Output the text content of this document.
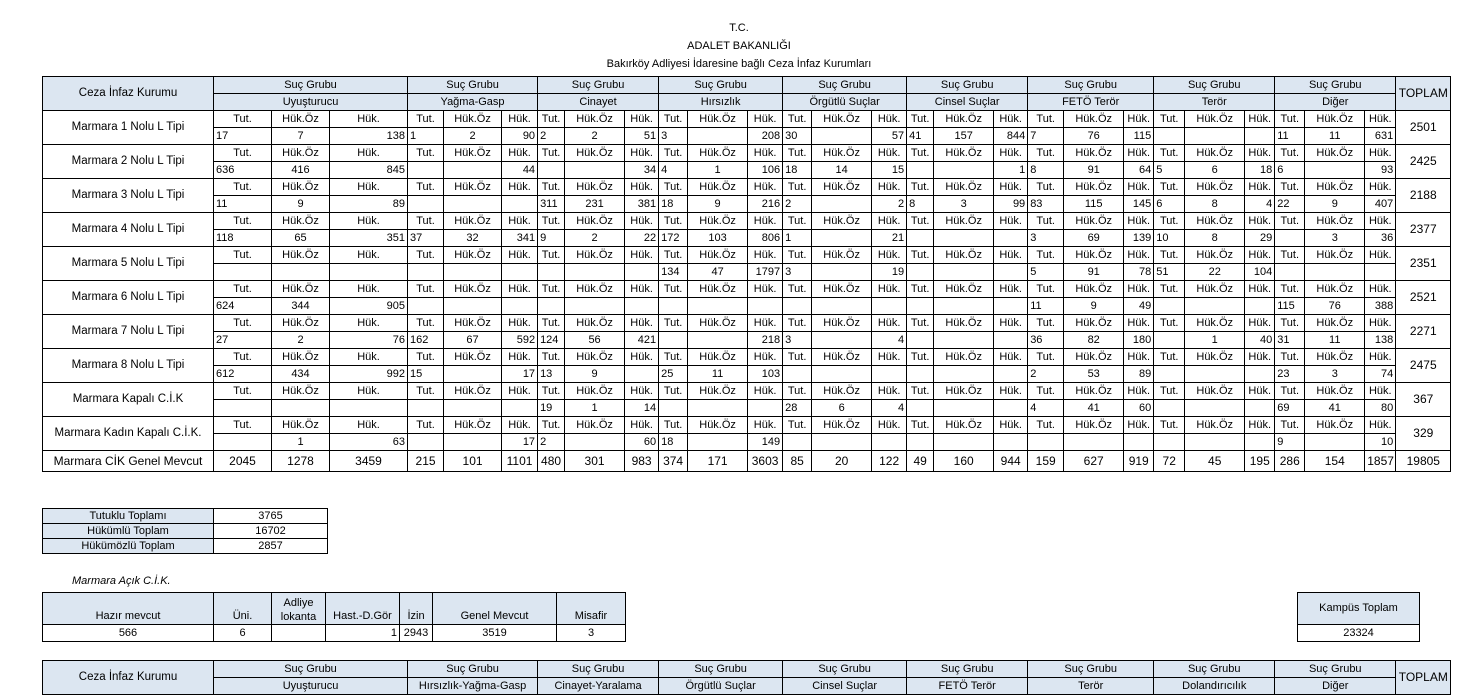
T.C.
ADALET BAKANLIĞI
Bakırköy Adliyesi İdaresine bağlı Ceza İnfaz Kurumları
Ceza İnfaz Kurumu	Suç Grubu			Suç Grubu			Suç Grubu			Suç Grubu			Suç Grubu			Suç Grubu			Suç Grubu			Suç Grubu			Suç Grubu			TOPLAM
	Uyuşturucu			Yağma-Gasp			Cinayet			Hırsızlık			Örgütlü Suçlar			Cinsel Suçlar			FETÖ Terör			Terör			Diğer			
Marmara 1 Nolu L Tipi	Tut.	Hük.Öz	Hük.	Tut.	Hük.Öz	Hük.	Tut.	Hük.Öz	Hük.	Tut.	Hük.Öz	Hük.	Tut.	Hük.Öz	Hük.	Tut.	Hük.Öz	Hük.	Tut.	Hük.Öz	Hük.	Tut.	Hük.Öz	Hük.	Tut.	Hük.Öz	Hük.	2501
	17	7	138	1	2	90	2	2	51	3		208	30		57	41	157	844	7	76	115				11	11	631	
Marmara 2 Nolu L Tipi	Tut.	Hük.Öz	Hük.	Tut.	Hük.Öz	Hük.	Tut.	Hük.Öz	Hük.	Tut.	Hük.Öz	Hük.	Tut.	Hük.Öz	Hük.	Tut.	Hük.Öz	Hük.	Tut.	Hük.Öz	Hük.	Tut.	Hük.Öz	Hük.	Tut.	Hük.Öz	Hük.	2425
	636	416	845			44			34	4	1	106	18	14	15			1	8	91	64	5	6	18	6		93	
Marmara 3 Nolu L Tipi	Tut.	Hük.Öz	Hük.	Tut.	Hük.Öz	Hük.	Tut.	Hük.Öz	Hük.	Tut.	Hük.Öz	Hük.	Tut.	Hük.Öz	Hük.	Tut.	Hük.Öz	Hük.	Tut.	Hük.Öz	Hük.	Tut.	Hük.Öz	Hük.	Tut.	Hük.Öz	Hük.	2188
	11	9	89				311	231	381	18	9	216	2		2	8	3	99	83	115	145	6	8	4	22	9	407	
Marmara 4 Nolu L Tipi	Tut.	Hük.Öz	Hük.	Tut.	Hük.Öz	Hük.	Tut.	Hük.Öz	Hük.	Tut.	Hük.Öz	Hük.	Tut.	Hük.Öz	Hük.	Tut.	Hük.Öz	Hük.	Tut.	Hük.Öz	Hük.	Tut.	Hük.Öz	Hük.	Tut.	Hük.Öz	Hük.	2377
	118	65	351	37	32	341	9	2	22	172	103	806	1		21				3	69	139	10	8	29		3	36	
Marmara 5 Nolu L Tipi	Tut.	Hük.Öz	Hük.	Tut.	Hük.Öz	Hük.	Tut.	Hük.Öz	Hük.	Tut.	Hük.Öz	Hük.	Tut.	Hük.Öz	Hük.	Tut.	Hük.Öz	Hük.	Tut.	Hük.Öz	Hük.	Tut.	Hük.Öz	Hük.	Tut.	Hük.Öz	Hük.	2351
										134	47	1797	3		19				5	91	78	51	22	104				
Marmara 6 Nolu L Tipi	Tut.	Hük.Öz	Hük.	Tut.	Hük.Öz	Hük.	Tut.	Hük.Öz	Hük.	Tut.	Hük.Öz	Hük.	Tut.	Hük.Öz	Hük.	Tut.	Hük.Öz	Hük.	Tut.	Hük.Öz	Hük.	Tut.	Hük.Öz	Hük.	Tut.	Hük.Öz	Hük.	2521
	624	344	905																11	9	49				115	76	388	
Marmara 7 Nolu L Tipi	Tut.	Hük.Öz	Hük.	Tut.	Hük.Öz	Hük.	Tut.	Hük.Öz	Hük.	Tut.	Hük.Öz	Hük.	Tut.	Hük.Öz	Hük.	Tut.	Hük.Öz	Hük.	Tut.	Hük.Öz	Hük.	Tut.	Hük.Öz	Hük.	Tut.	Hük.Öz	Hük.	2271
	27	2	76	162	67	592	124	56	421			218	3		4				36	82	180		1	40	31	11	138	
Marmara 8 Nolu L Tipi	Tut.	Hük.Öz	Hük.	Tut.	Hük.Öz	Hük.	Tut.	Hük.Öz	Hük.	Tut.	Hük.Öz	Hük.	Tut.	Hük.Öz	Hük.	Tut.	Hük.Öz	Hük.	Tut.	Hük.Öz	Hük.	Tut.	Hük.Öz	Hük.	Tut.	Hük.Öz	Hük.	2475
	612	434	992	15		17	13	9		25	11	103							2	53	89				23	3	74	
Marmara Kapalı C.İ.K	Tut.	Hük.Öz	Hük.	Tut.	Hük.Öz	Hük.	Tut.	Hük.Öz	Hük.	Tut.	Hük.Öz	Hük.	Tut.	Hük.Öz	Hük.	Tut.	Hük.Öz	Hük.	Tut.	Hük.Öz	Hük.	Tut.	Hük.Öz	Hük.	Tut.	Hük.Öz	Hük.	367
							19	1	14				28	6	4				4	41	60				69	41	80	
Marmara Kadın Kapalı C.İ.K.	Tut.	Hük.Öz	Hük.	Tut.	Hük.Öz	Hük.	Tut.	Hük.Öz	Hük.	Tut.	Hük.Öz	Hük.	Tut.	Hük.Öz	Hük.	Tut.	Hük.Öz	Hük.	Tut.	Hük.Öz	Hük.	Tut.	Hük.Öz	Hük.	Tut.	Hük.Öz	Hük.	329
		1	63			17	2		60	18		149													9		10	
Marmara CİK Genel Mevcut	2045	1278	3459	215	101	1101	480	301	983	374	171	3603	85	20	122	49	160	944	159	627	919	72	45	195	286	154	1857	19805
Tutuklu Toplamı	3765
Hükümlü Toplam	16702
Hükümözlü Toplam	2857
Marmara Açık C.İ.K.
Hazır mevcut	Üni.	Adliye lokanta	Hast.-D.Gör	İzin	Genel Mevcut	Misafir
566	6		1	2943	3519	3
Kampüs Toplam
23324
Ceza İnfaz Kurumu	Suç Grubu	Suç Grubu	Suç Grubu	Suç Grubu	Suç Grubu	Suç Grubu	Suç Grubu	Suç Grubu	Suç Grubu	TOPLAM
	Uyuşturucu	Hırsızlık-Yağma-Gasp	Cinayet-Yaralama	Örgütlü Suçlar	Cinsel Suçlar	FETÖ Terör	Terör	Dolandırıcılık	Diğer	
